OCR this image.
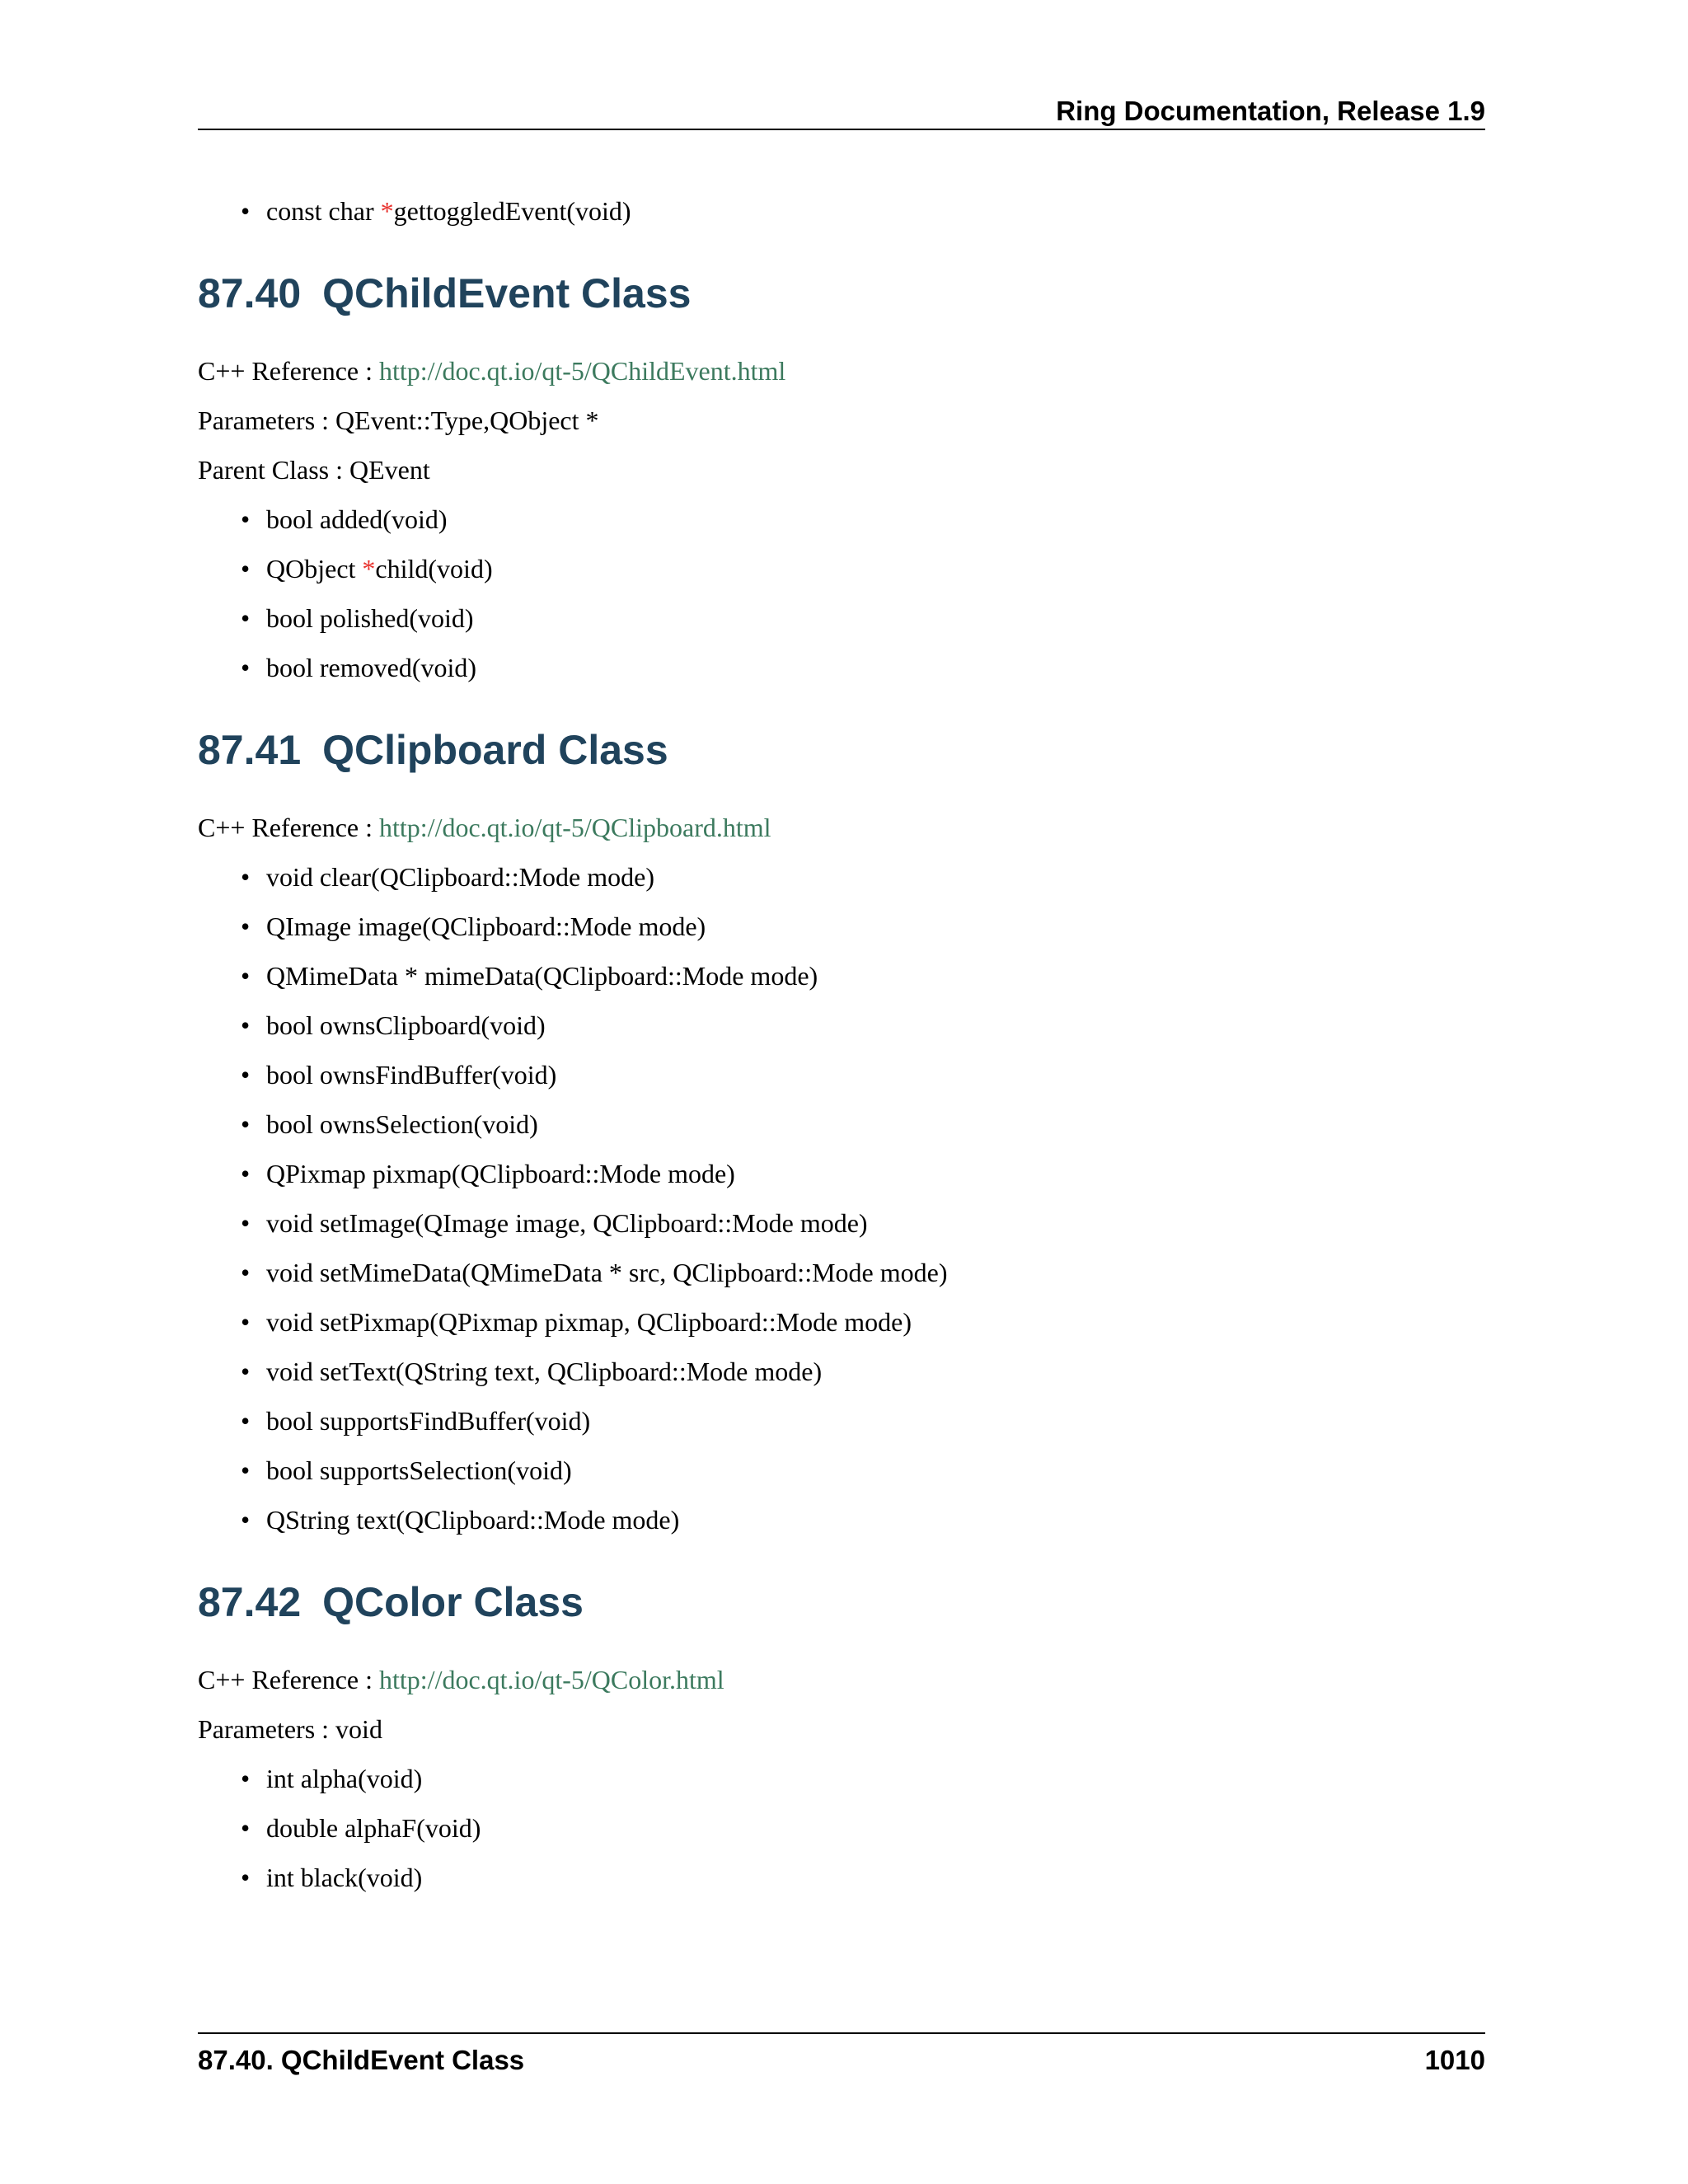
Ring Documentation, Release 1.9
• const char *gettoggledEvent(void)
87.40 QChildEvent Class

C++ Reference : http://doc.qt.io/qt-5/QChildEvent.html

Parameters : QEvent::Type,QObject *

Parent Class : QEvent

• bool added(void)
• QObject *child(void)
• bool polished(void)
• bool removed(void)
87.41 QClipboard Class

C++ Reference : http://doc.qt.io/qt-5/QClipboard.html

• void clear(QClipboard::Mode mode)
• QImage image(QClipboard::Mode mode)
• QMimeData * mimeData(QClipboard::Mode mode)
• bool ownsClipboard(void)
• bool ownsFindBuffer(void)
• bool ownsSelection(void)
• QPixmap pixmap(QClipboard::Mode mode)
• void setImage(QImage image, QClipboard::Mode mode)
• void setMimeData(QMimeData * src, QClipboard::Mode mode)
• void setPixmap(QPixmap pixmap, QClipboard::Mode mode)
• void setText(QString text, QClipboard::Mode mode)
• bool supportsFindBuffer(void)
• bool supportsSelection(void)
• QString text(QClipboard::Mode mode)
87.42 QColor Class

C++ Reference : http://doc.qt.io/qt-5/QColor.html

Parameters : void

• int alpha(void)
• double alphaF(void)
• int black(void)
87.40. QChildEvent Class	1010
